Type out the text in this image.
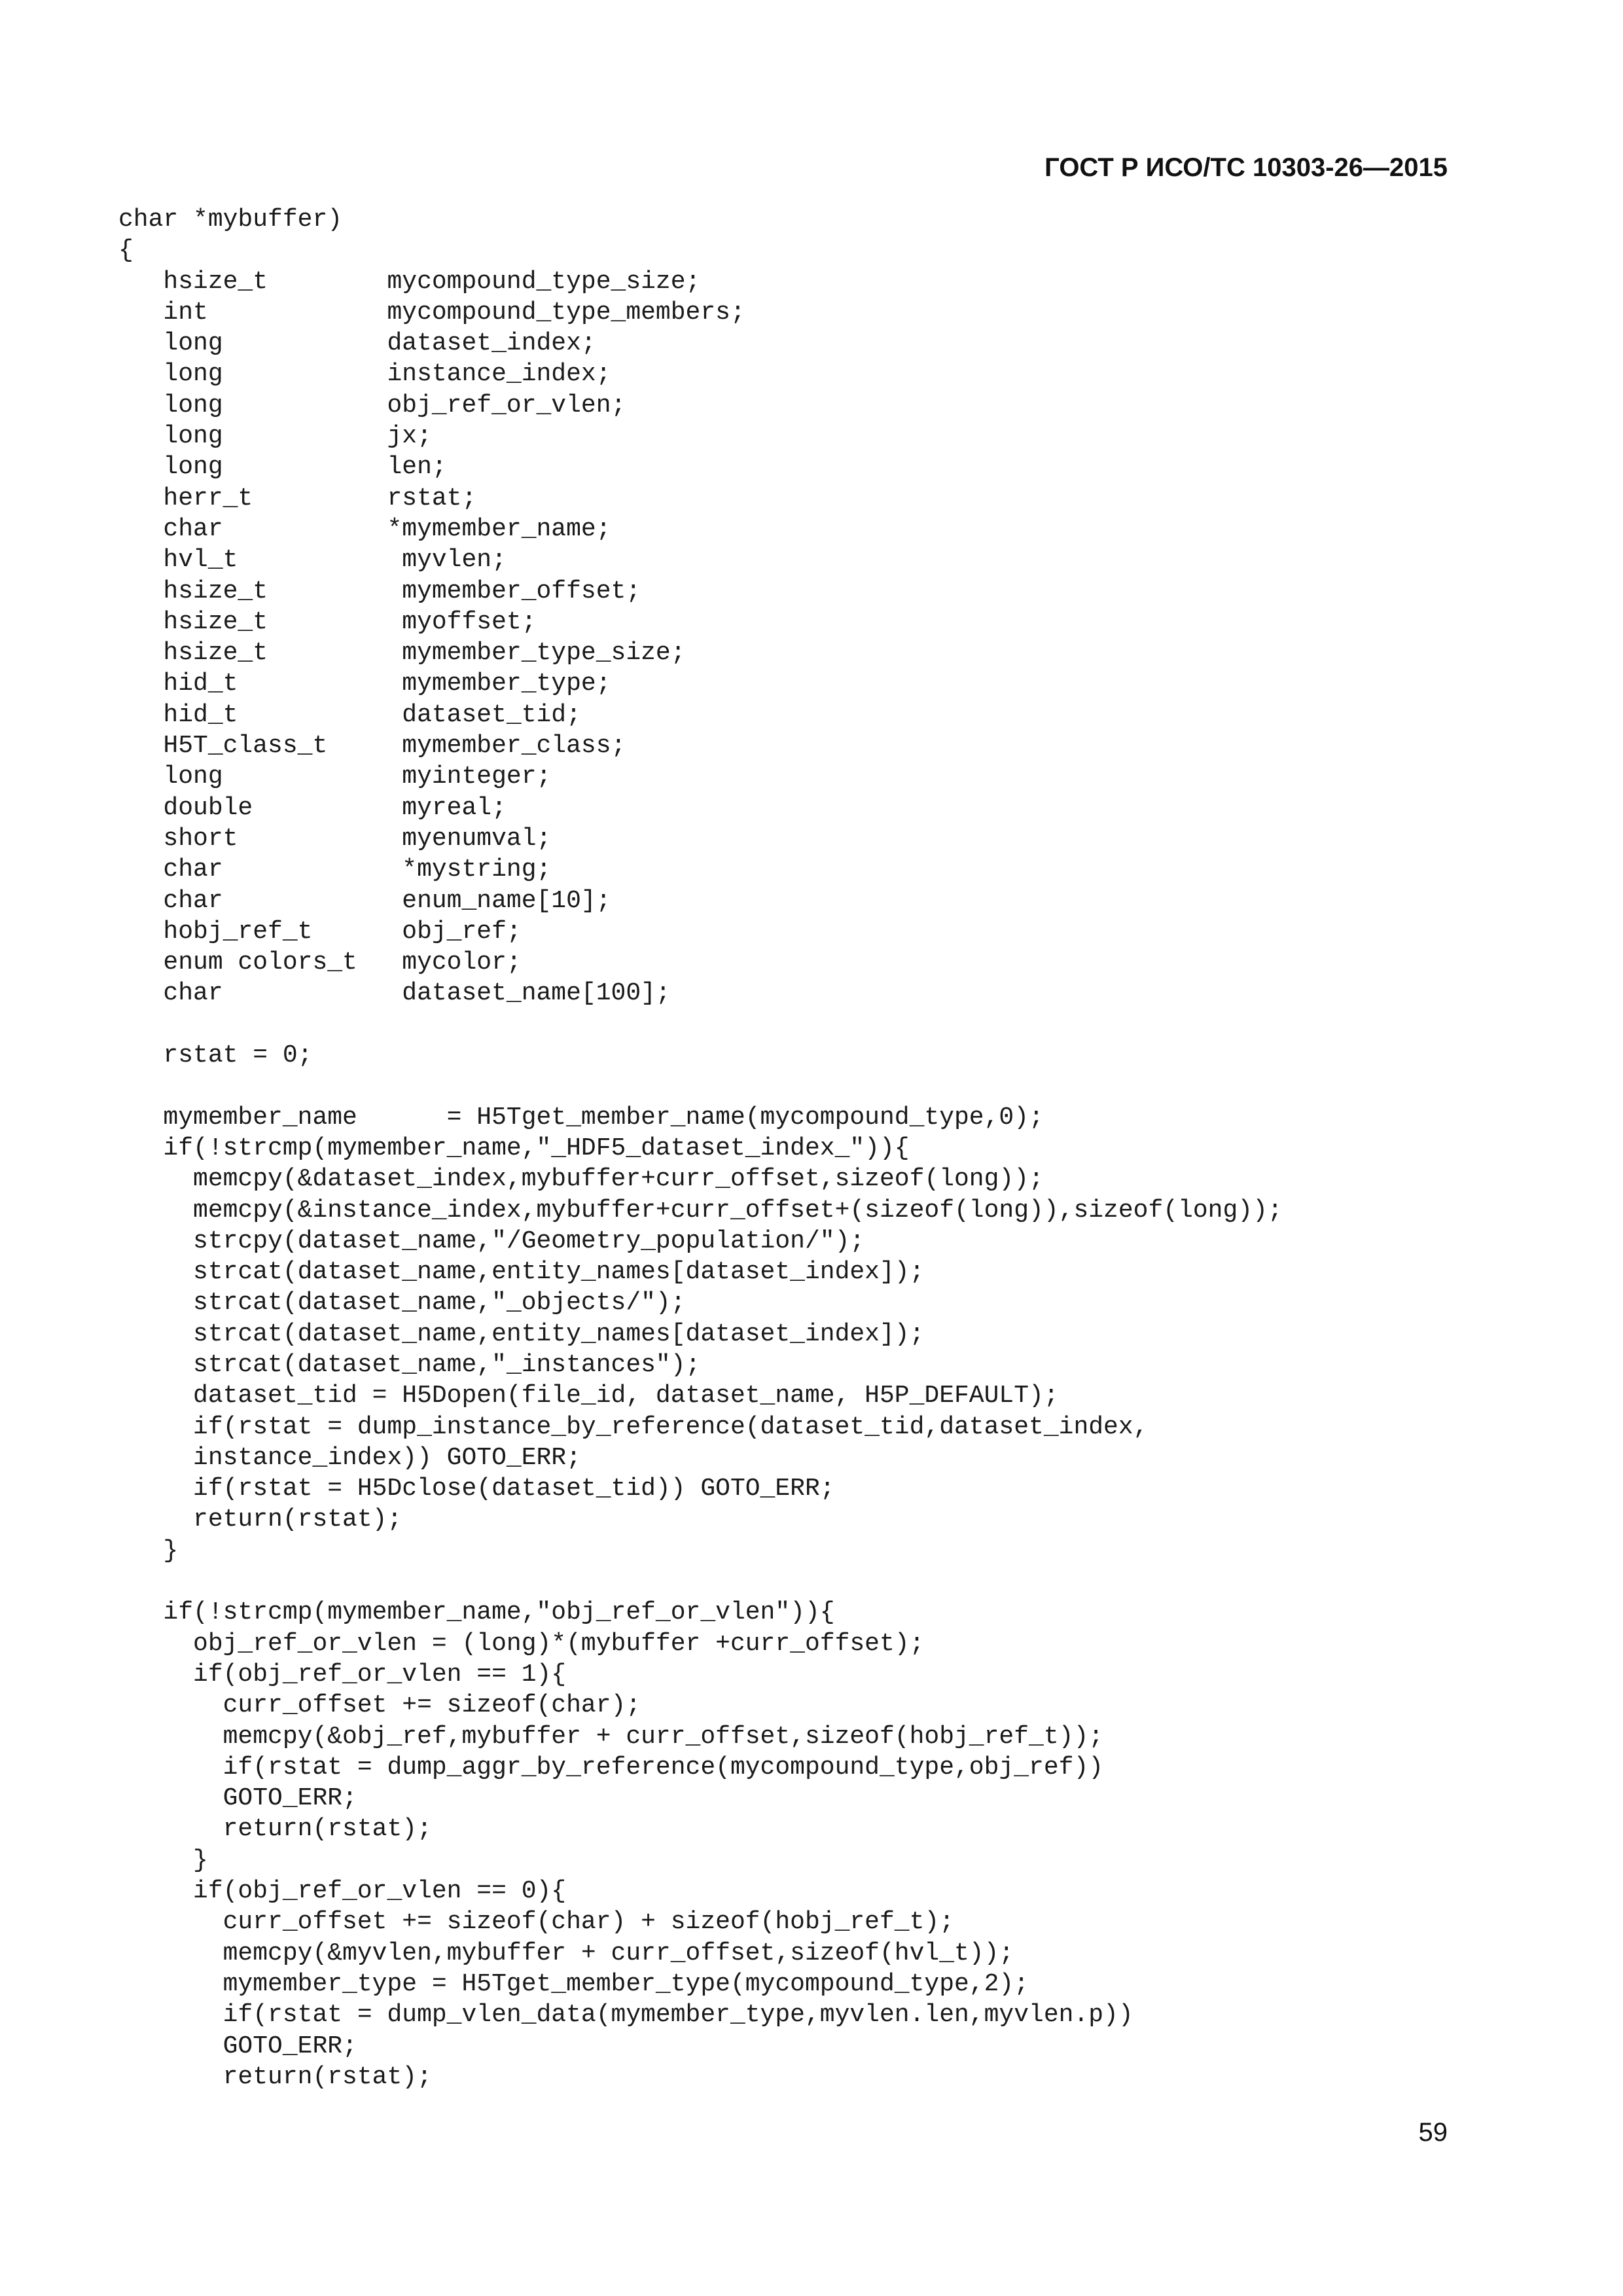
ГОСТ Р ИСО/ТС 10303-26—2015
char *mybuffer)
{
hsize_t        mycompound_type_size;
int            mycompound_type_members;
long           dataset_index;
long           instance_index;
long           obj_ref_or_vlen;
long           jx;
long           len;
herr_t         rstat;
char           *mymember_name;
hvl_t           myvlen;
hsize_t         mymember_offset;
hsize_t         myoffset;
hsize_t         mymember_type_size;
hid_t           mymember_type;
hid_t           dataset_tid;
H5T_class_t     mymember_class;
long            myinteger;
double          myreal;
short           myenumval;
char            *mystring;
char            enum_name[10];
hobj_ref_t      obj_ref;
enum colors_t   mycolor;
char            dataset_name[100];
rstat = 0;
mymember_name      = H5Tget_member_name(mycompound_type,0);
if(!strcmp(mymember_name,"_HDF5_dataset_index_")){
memcpy(&dataset_index,mybuffer+curr_offset,sizeof(long));
memcpy(&instance_index,mybuffer+curr_offset+(sizeof(long)),sizeof(long));
strcpy(dataset_name,"/Geometry_population/");
strcat(dataset_name,entity_names[dataset_index]);
strcat(dataset_name,"_objects/");
strcat(dataset_name,entity_names[dataset_index]);
strcat(dataset_name,"_instances");
dataset_tid = H5Dopen(file_id, dataset_name, H5P_DEFAULT);
if(rstat = dump_instance_by_reference(dataset_tid,dataset_index,
instance_index)) GOTO_ERR;
if(rstat = H5Dclose(dataset_tid)) GOTO_ERR;
return(rstat);
}
if(!strcmp(mymember_name,"obj_ref_or_vlen")){
obj_ref_or_vlen = (long)*(mybuffer +curr_offset);
if(obj_ref_or_vlen == 1){
curr_offset += sizeof(char);
memcpy(&obj_ref,mybuffer + curr_offset,sizeof(hobj_ref_t));
if(rstat = dump_aggr_by_reference(mycompound_type,obj_ref))
GOTO_ERR;
return(rstat);
}
if(obj_ref_or_vlen == 0){
curr_offset += sizeof(char) + sizeof(hobj_ref_t);
memcpy(&myvlen,mybuffer + curr_offset,sizeof(hvl_t));
mymember_type = H5Tget_member_type(mycompound_type,2);
if(rstat = dump_vlen_data(mymember_type,myvlen.len,myvlen.p))
GOTO_ERR;
return(rstat);
59
